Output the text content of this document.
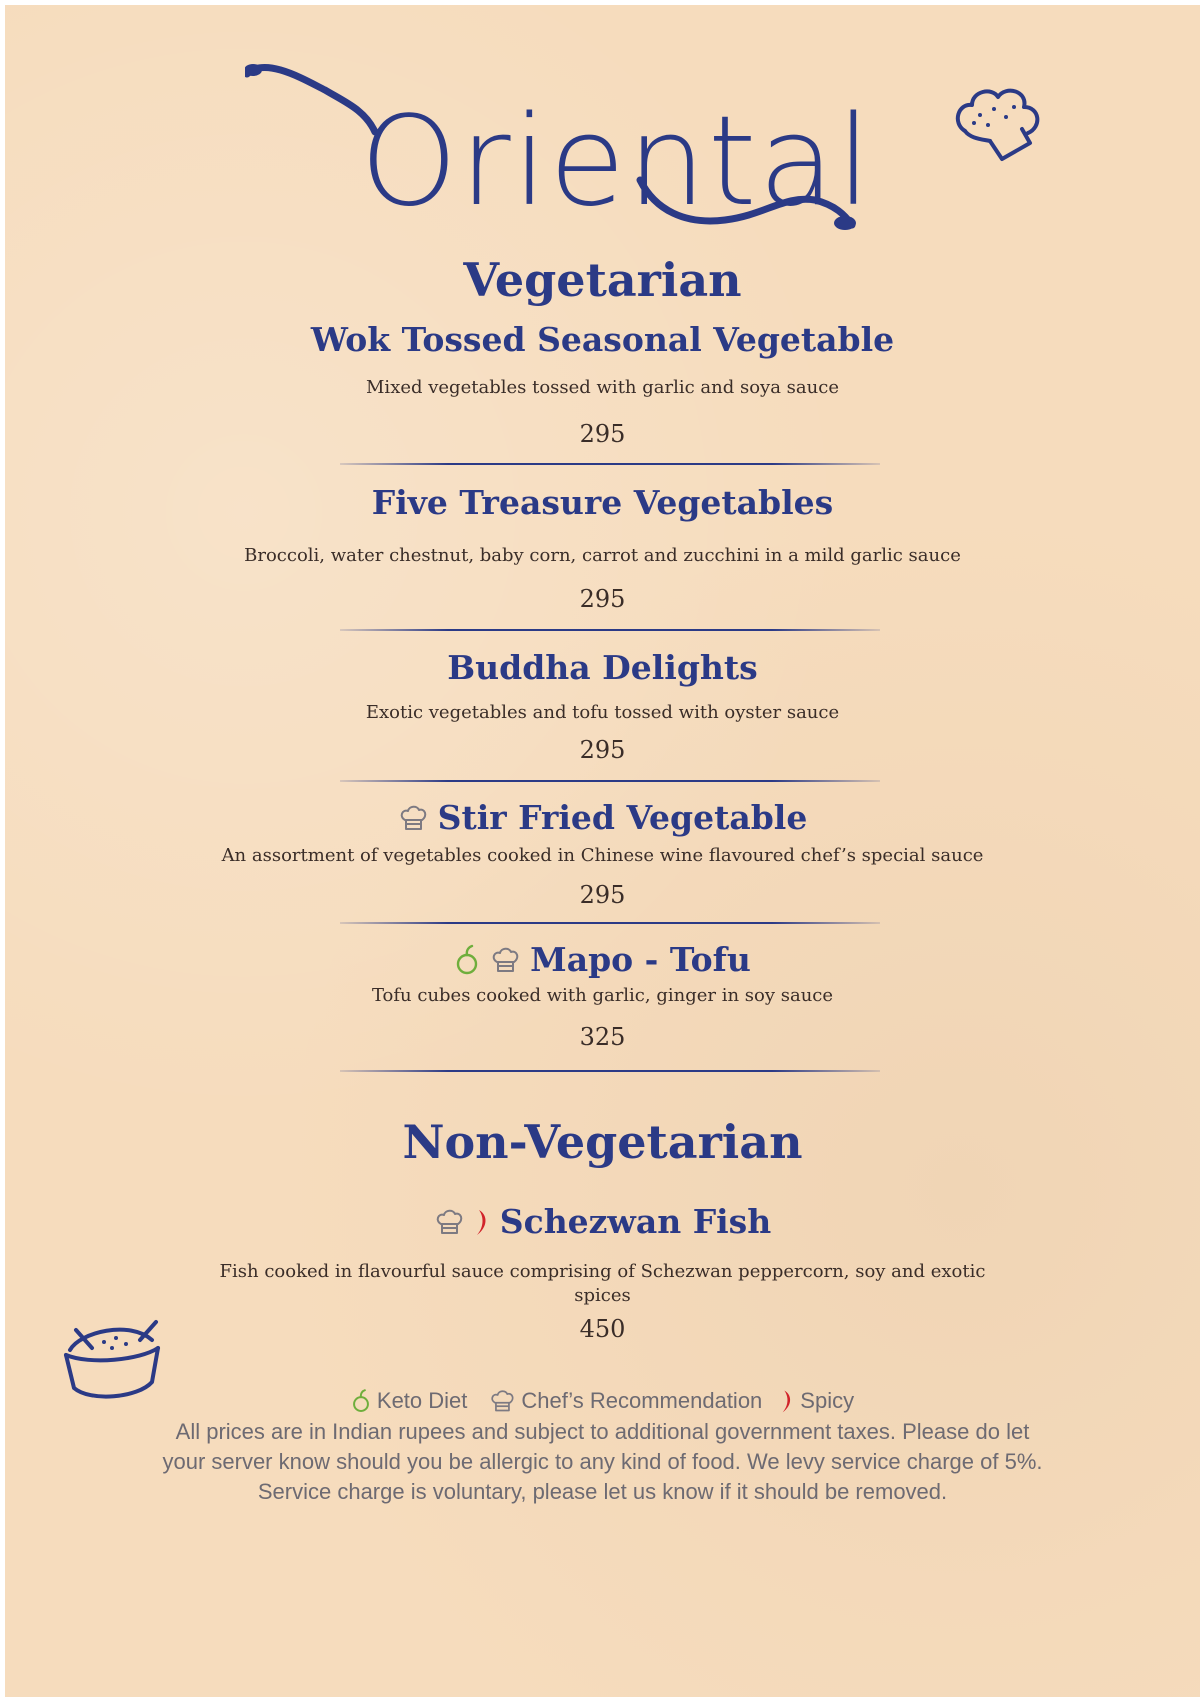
Oriental
Vegetarian
Wok Tossed Seasonal Vegetable
Mixed vegetables tossed with garlic and soya sauce
295
Five Treasure Vegetables
Broccoli, water chestnut, baby corn, carrot and zucchini in a mild garlic sauce
295
Buddha Delights
Exotic vegetables and tofu tossed with oyster sauce
295
Stir Fried Vegetable
An assortment of vegetables cooked in Chinese wine flavoured chef’s special sauce
295
Mapo - Tofu
Tofu cubes cooked with garlic, ginger in soy sauce
325
Non-Vegetarian
Schezwan Fish
Fish cooked in flavourful sauce comprising of Schezwan peppercorn, soy and exotic
spices
450
Keto Diet Chef’s Recommendation Spicy
All prices are in Indian rupees and subject to additional government taxes. Please do let
your server know should you be allergic to any kind of food. We levy service charge of 5%.
Service charge is voluntary, please let us know if it should be removed.
